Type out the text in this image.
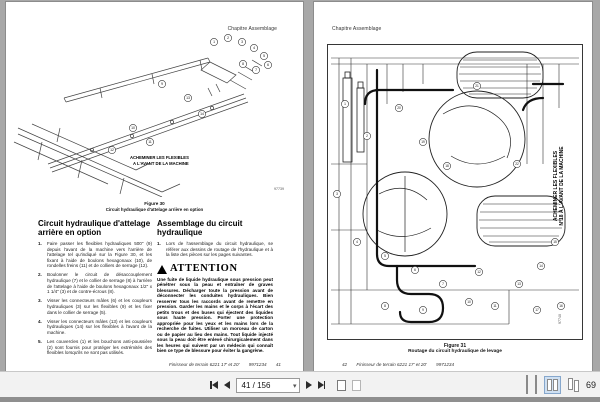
Chapitre Assemblage
1
2
3
4
5
6
7
8
9
10
11
12
13
14
ACHEMINER LES FLEXIBLES
A L'AVANT DE LA MACHINE
97739
Figure 30
Circuit hydraulique d'attelage arrière en option
Circuit hydraulique d'attelage arrière en option
1.	Faire passer les flexibles hydrauliques 500" (9) depuis l'avant de la machine vers l'arrière de l'attelage tel qu'indiqué sur la Figure 30, et les fixant à l'aide de boulons hexagonaux (10), de rondelles freins (11) et de colliers de serrage (12).
2.	Boulonner le circuit de désaccouplement hydraulique (7) et le collier de serrage (8) à l'arrière de l'attelage à l'aide de boulons hexagonaux 1/2" x 1 1/4" (3) et de contre-écrous (8).
3.	Visser les connecteurs mâles (6) et les coupleurs hydrauliques (3) sur les flexibles (9) et les fixer dans le collier de serrage (5).
4.	Visser les connecteurs mâles (13) et les coupleurs hydrauliques (14) sur les flexibles à l'avant de la machine.
5.	Les couvercles (1) et les bouchons anti-poussière (2) sont fournis pour protéger les extrémités des flexibles lorsqu'ils ne sont pas utilisés.
Assemblage du circuit hydraulique
1.	Lors de l'assemblage du circuit hydraulique, se référer aux dessins de routage de l'hydraulique et à la liste des pièces sur les pages suivantes.
ATTENTION
Une fuite de liquide hydraulique sous pression peut pénétrer sous la peau et entraîner de graves blessures. Décharger toute la pression avant de déconnecter les conduites hydrauliques. Bien resserrer tous les raccords avant de remettre en pression. Garder les mains et le corps à l'écart des petits trous et des buses qui éjectent des liquides sous haute pression. Porter une protection appropriée pour les yeux et les mains lors de la recherche de fuites. Utiliser un morceau de carton ou de papier au lieu des mains. Tout liquide injecté sous la peau doit être enlevé chirurgicalement dans les heures qui suivent par un médecin qui connaît bien ce type de blessure pour éviter la gangrène.
Finisseur de terrain 6221 17' et 20' 9971234 41
Chapitre Assemblage
1
2
3
4
5
6
7
8
9
10
11
12
13
14
15
16
17
18
19
20
21
22	ACHEMINER LES FLEXIBLES N°18 À L'AVANT DE LA MACHINE
97740
Figure 31
Routage du circuit hydraulique de levage
42 Finisseur de terrain 6221 17' et 20' 9971234
41 / 156	▾	69
